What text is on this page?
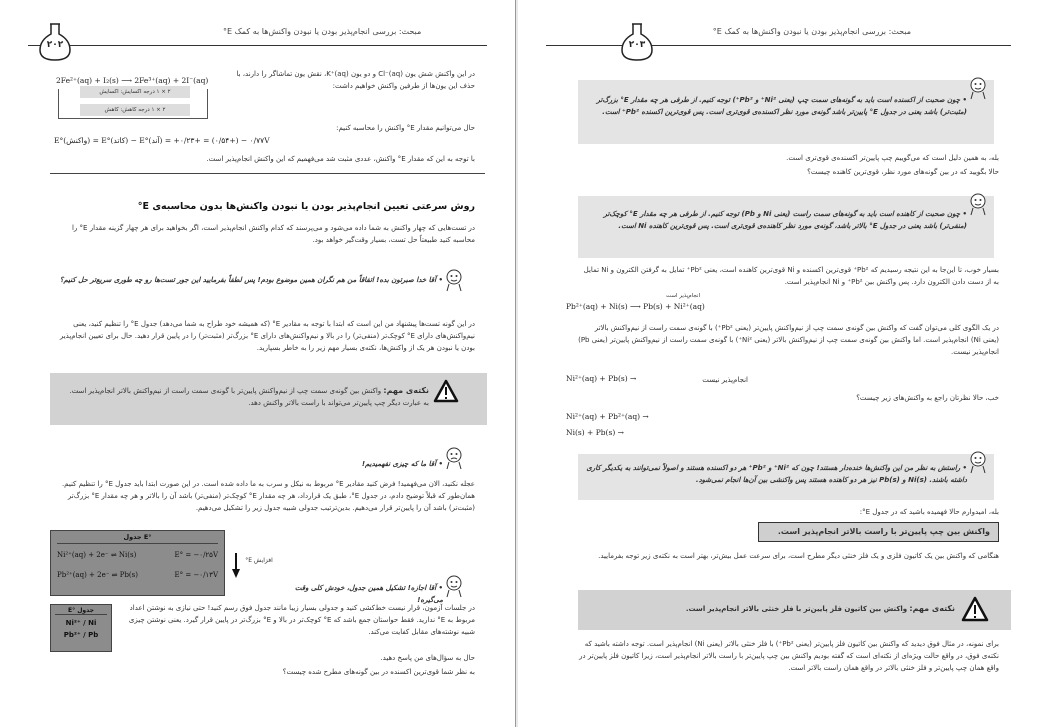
مبحث: بررسی انجام‌پذیر بودن یا نبودن واکنش‌ها به کمک E°
۲۰۲
در این واکنش شش یون Cl⁻(aq) و دو یون K⁺(aq)، نقش یون تماشاگر را دارند، با حذف این یون‌ها از طرفین واکنش خواهیم داشت:
2Fe²⁺(aq) + I₂(s) ⟶ 2Fe³⁺(aq) + 2I⁻(aq)
۲ × ۱ درجه اکسایش: اکسایش
۲ × ۱ درجه کاهش: کاهش
حال می‌توانیم مقدار E° واکنش را محاسبه کنیم:
E°(واکنش) = E°(کاتد) − E°(آند) = +۰/۷۷ − (+۰/۵۴) = +۰/۲۳V
با توجه به این که مقدار E° واکنش، عددی مثبت شد می‌فهمیم که این واکنش انجام‌پذیر است.
روش سرعتی تعیین انجام‌پذیر بودن یا نبودن واکنش‌ها بدون محاسبه‌ی E°
در تست‌هایی که چهار واکنش به شما داده می‌شود و می‌پرسند که کدام واکنش انجام‌پذیر است، اگر بخواهید برای هر چهار گزینه مقدار E° را محاسبه کنید طبیعتاً حل تست، بسیار وقت‌گیر خواهد بود.
• آقا خدا صبرتون بده! اتفاقاً من هم نگران همین موضوع بودم! پس لطفاً بفرمایید این جور تست‌ها رو چه طوری سریع‌تر حل کنیم؟
در این گونه تست‌ها پیشنهاد من این است که ابتدا با توجه به مقادیر E° (که همیشه خود طراح به شما می‌دهد) جدول E° را تنظیم کنید، یعنی نیم‌واکنش‌های دارای E° کوچک‌تر (منفی‌تر) را در بالا و نیم‌واکنش‌های دارای E° بزرگ‌تر (مثبت‌تر) را در پایین قرار دهید. حال برای تعیین انجام‌پذیر بودن یا نبودن هر یک از واکنش‌ها، نکته‌ی بسیار مهم زیر را به خاطر بسپارید.
نکته‌ی مهم: واکنش بین گونه‌ی سمت چپ از نیم‌واکنش پایین‌تر با گونه‌ی سمت راست از نیم‌واکنش بالاتر انجام‌پذیر است. به عبارت دیگر چپ پایین‌تر می‌تواند با راست بالاتر واکنش دهد.
• آقا ما که چیزی نفهمیدیم!
عجله نکنید، الان می‌فهمید! فرض کنید مقادیر E° مربوط به نیکل و سرب به ما داده شده است. در این صورت ابتدا باید جدول E° را تنظیم کنیم. همان‌طور که قبلاً توضیح دادم، در جدول E°، طبق یک قرارداد، هر چه مقدار E° کوچک‌تر (منفی‌تر) باشد آن را بالاتر و هر چه مقدار E° بزرگ‌تر (مثبت‌تر) باشد آن را پایین‌تر قرار می‌دهیم. بدین‌ترتیب جدولی شبیه جدول زیر را تشکیل می‌دهیم.
جدول E°
Ni²⁺(aq) + 2e⁻ ⇌ Ni(s)	E° = −۰/۲۵V
Pb²⁺(aq) + 2e⁻ ⇌ Pb(s)	E° = −۰/۱۳V
افزایش E°
• آقا اجازه! تشکیل همین جدول، خودش کلی وقت می‌گیره!
E° جدول
Ni²⁺ / Ni
Pb²⁺ / Pb
در جلسات آزمون، قرار نیست خط‌کشی کنید و جدولی بسیار زیبا مانند جدول فوق رسم کنید! حتی نیازی به نوشتن اعداد مربوط به E° ندارید. فقط حواستان جمع باشد که E° کوچک‌تر در بالا و E° بزرگ‌تر در پایین قرار گیرد. یعنی نوشتن چیزی شبیه نوشته‌های مقابل کفایت می‌کند.
حال به سؤال‌های من پاسخ دهید.
به نظر شما قوی‌ترین اکسنده در بین گونه‌های مطرح شده چیست؟
مبحث: بررسی انجام‌پذیر بودن یا نبودن واکنش‌ها به کمک E°
۲۰۳
• چون صحبت از اکسنده است باید به گونه‌های سمت چپ (یعنی Ni²⁺ و Pb²⁺) توجه کنیم. از طرفی هر چه مقدار E° بزرگ‌تر (مثبت‌تر) باشد یعنی در جدول E° پایین‌تر باشد گونه‌ی مورد نظر اکسنده‌ی قوی‌تری است. پس قوی‌ترین اکسنده Pb²⁺ است.
بله، به همین دلیل است که می‌گوییم چپ پایین‌تر اکسنده‌ی قوی‌تری است.
حالا بگویید که در بین گونه‌های مورد نظر، قوی‌ترین کاهنده چیست؟
• چون صحبت از کاهنده است باید به گونه‌های سمت راست (یعنی Ni و Pb) توجه کنیم. از طرفی هر چه مقدار E° کوچک‌تر (منفی‌تر) باشد یعنی در جدول E° بالاتر باشد، گونه‌ی مورد نظر کاهنده‌ی قوی‌تری است. پس قوی‌ترین کاهنده Ni است.
بسیار خوب، تا این‌جا به این نتیجه رسیدیم که Pb²⁺ قوی‌ترین اکسنده و Ni قوی‌ترین کاهنده است، یعنی Pb²⁺ تمایل به گرفتن الکترون و Ni تمایل به از دست دادن الکترون دارد. پس واکنش بین Pb²⁺ و Ni انجام‌پذیر است.
Pb²⁺(aq) + Ni(s) ⟶ Pb(s) + Ni²⁺(aq)
انجام‌پذیر است
در یک الگوی کلی می‌توان گفت که واکنش بین گونه‌ی سمت چپ از نیم‌واکنش پایین‌تر (یعنی Pb²⁺) با گونه‌ی سمت راست از نیم‌واکنش بالاتر (یعنی Ni) انجام‌پذیر است. اما واکنش بین گونه‌ی سمت چپ از نیم‌واکنش بالاتر (یعنی Ni²⁺) با گونه‌ی سمت راست از نیم‌واکنش پایین‌تر (یعنی Pb) انجام‌پذیر نیست.
Ni²⁺(aq) + Pb(s) →	انجام‌پذیر نیست
خب، حالا نظرتان راجع به واکنش‌های زیر چیست؟
Ni²⁺(aq) + Pb²⁺(aq) →
Ni(s) + Pb(s) →
• راستش به نظر من این واکنش‌ها خنده‌دار هستند! چون که Ni²⁺ و Pb²⁺ هر دو اکسنده هستند و اصولاً نمی‌توانند به یکدیگر کاری داشته باشند. Ni(s) و Pb(s) نیز هر دو کاهنده هستند پس واکنشی بین آن‌ها انجام نمی‌شود.
بله، امیدوارم حالا فهمیده باشید که در جدول E°:
واکنش بین چپ پایین‌تر با راست بالاتر انجام‌پذیر است.
هنگامی که واکنش بین یک کاتیون فلزی و یک فلز خنثی دیگر مطرح است، برای سرعت عمل بیش‌تر، بهتر است به نکته‌ی زیر توجه بفرمایید.
نکته‌ی مهم: واکنش بین کاتیون فلز پایین‌تر با فلز خنثی بالاتر انجام‌پذیر است.
برای نمونه، در مثال فوق دیدید که واکنش بین کاتیون فلز پایین‌تر (یعنی Pb²⁺) با فلز خنثی بالاتر (یعنی Ni) انجام‌پذیر است. توجه داشته باشید که نکته‌ی فوق، در واقع حالت ویژه‌ای از نکته‌ای است که گفته بودیم واکنش بین چپ پایین‌تر با راست بالاتر انجام‌پذیر است، زیرا کاتیون فلز پایین‌تر در واقع همان چپ پایین‌تر و فلز خنثی بالاتر در واقع همان راست بالاتر است.
